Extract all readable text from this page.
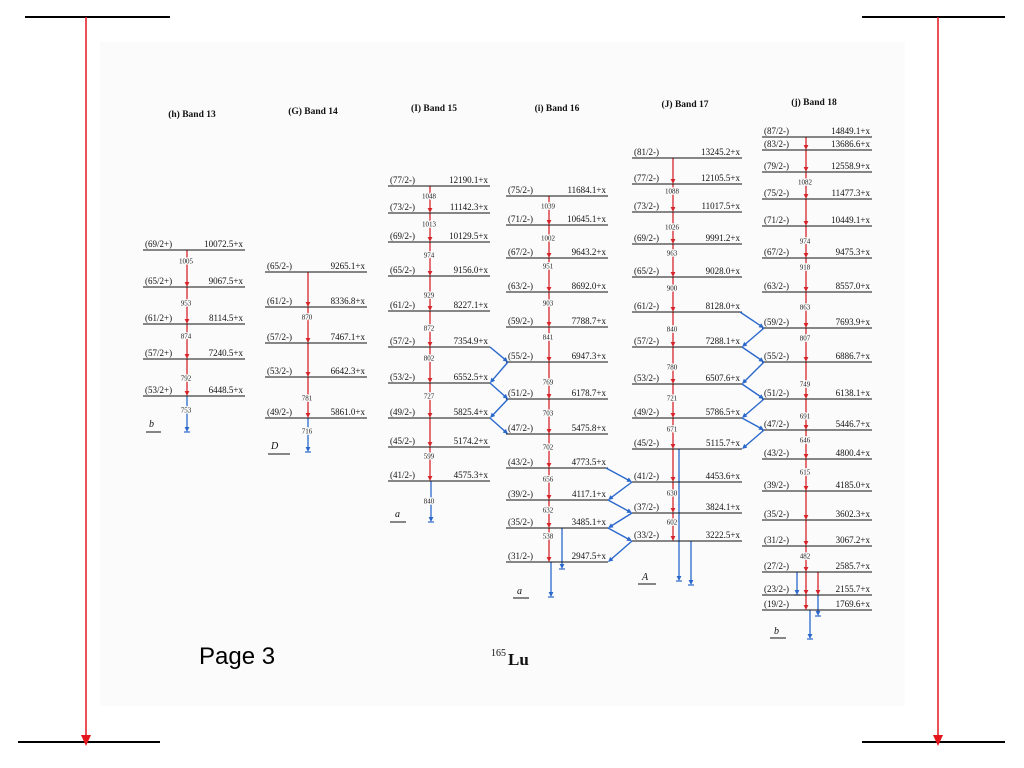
(69/2+)	10072.5+x
(65/2+)	9067.5+x
(61/2+)	8114.5+x
(57/2+)	7240.5+x
(53/2+)	6448.5+x
1005
953
874
792
753
(h) Band 13
b
(65/2-)	9265.1+x
(61/2-)	8336.8+x
(57/2-)	7467.1+x
(53/2-)	6642.3+x
(49/2-)	5861.0+x
870
781
716
(G) Band 14
D
(77/2-)	12190.1+x
(73/2-)	11142.3+x
(69/2-)	10129.5+x
(65/2-)	9156.0+x
(61/2-)	8227.1+x
(57/2-)	7354.9+x
(53/2-)	6552.5+x
(49/2-)	5825.4+x
(45/2-)	5174.2+x
(41/2-)	4575.3+x
1048
1013
974
929
872
802
727
599
840
(I) Band 15
a
(75/2-)	11684.1+x
(71/2-)	10645.1+x
(67/2-)	9643.2+x
(63/2-)	8692.0+x
(59/2-)	7788.7+x
(55/2-)	6947.3+x
(51/2-)	6178.7+x
(47/2-)	5475.8+x
(43/2-)	4773.5+x
(39/2-)	4117.1+x
(35/2-)	3485.1+x
(31/2-)	2947.5+x
1039
1002
951
903
841
769
703
702
656
632
538
(i) Band 16
a
(81/2-)	13245.2+x
(77/2-)	12105.5+x
(73/2-)	11017.5+x
(69/2-)	9991.2+x
(65/2-)	9028.0+x
(61/2-)	8128.0+x
(57/2-)	7288.1+x
(53/2-)	6507.6+x
(49/2-)	5786.5+x
(45/2-)	5115.7+x
(41/2-)	4453.6+x
(37/2-)	3824.1+x
(33/2-)	3222.5+x
1088
1026
963
900
840
780
721
671
630
602
(J) Band 17
A
(87/2-)	14849.1+x
(83/2-)	13686.6+x
(79/2-)	12558.9+x
(75/2-)	11477.3+x
(71/2-)	10449.1+x
(67/2-)	9475.3+x
(63/2-)	8557.0+x
(59/2-)	7693.9+x
(55/2-)	6886.7+x
(51/2-)	6138.1+x
(47/2-)	5446.7+x
(43/2-)	4800.4+x
(39/2-)	4185.0+x
(35/2-)	3602.3+x
(31/2-)	3067.2+x
(27/2-)	2585.7+x
(23/2-)	2155.7+x
(19/2-)	1769.6+x
1082
974
918
863
807
749
691
646
615
482
(j) Band 18
b
Page 3	165 Lu
